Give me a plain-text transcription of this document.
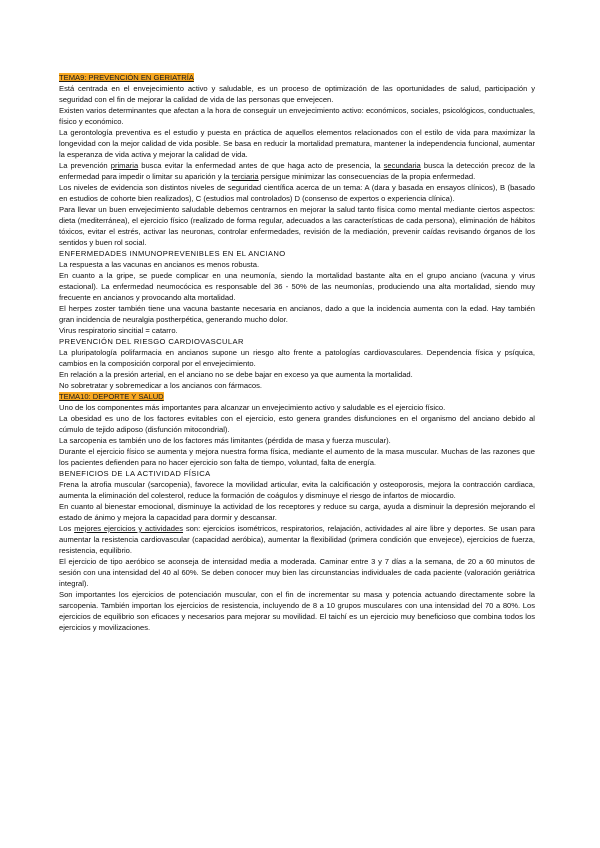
TEMA9: PREVENCIÓN EN GERIATRÍA

Está centrada en el envejecimiento activo y saludable, es un proceso de optimización de las oportunidades de salud, participación y seguridad con el fin de mejorar la calidad de vida de las personas que envejecen.

Existen varios determinantes que afectan a la hora de conseguir un envejecimiento activo: económicos, sociales, psicológicos, conductuales, físico y económico.

La gerontología preventiva es el estudio y puesta en práctica de aquellos elementos relacionados con el estilo de vida para maximizar la longevidad con la mejor calidad de vida posible. Se basa en reducir la mortalidad prematura, mantener la independencia funcional, aumentar la esperanza de vida activa y mejorar la calidad de vida.

La prevención primaria busca evitar la enfermedad antes de que haga acto de presencia, la secundaria busca la detección precoz de la enfermedad para impedir o limitar su aparición y la terciaria persigue minimizar las consecuencias de la propia enfermedad.

Los niveles de evidencia son distintos niveles de seguridad científica acerca de un tema: A (dara y basada en ensayos clínicos), B (basado en estudios de cohorte bien realizados), C (estudios mal controlados) D (consenso de expertos o experiencia clínica).

Para llevar un buen envejecimiento saludable debemos centrarnos en mejorar la salud tanto física como mental mediante ciertos aspectos: dieta (mediterránea), el ejercicio físico (realizado de forma regular, adecuados a las características de cada persona), eliminación de hábitos tóxicos, evitar el estrés, activar las neuronas, controlar enfermedades, revisión de la mediación, prevenir caídas revisando órganos de los sentidos y buen rol social.

ENFERMEDADES INMUNOPREVENIBLES EN EL ANCIANO

La respuesta a las vacunas en ancianos es menos robusta.

En cuanto a la gripe, se puede complicar en una neumonía, siendo la mortalidad bastante alta en el grupo anciano (vacuna y virus estacional). La enfermedad neumocócica es responsable del 36 - 50% de las neumonías, produciendo una alta mortalidad, siendo muy frecuente en ancianos y provocando alta mortalidad.

El herpes zoster también tiene una vacuna bastante necesaria en ancianos, dado a que la incidencia aumenta con la edad. Hay también gran incidencia de neuralgia postherpética, generando mucho dolor.

Virus respiratorio sincitial = catarro.

PREVENCIÓN DEL RIESGO CARDIOVASCULAR

La pluripatología polifarmacia en ancianos supone un riesgo alto frente a patologías cardiovasculares. Dependencia física y psíquica, cambios en la composición corporal por el envejecimiento.

En relación a la presión arterial, en el anciano no se debe bajar en exceso ya que aumenta la mortalidad.

No sobretratar y sobremedicar a los ancianos con fármacos.

TEMA10: DEPORTE Y SALUD

Uno de los componentes más importantes para alcanzar un envejecimiento activo y saludable es el ejercicio físico.

La obesidad es uno de los factores evitables con el ejercicio, esto genera grandes disfunciones en el organismo del anciano debido al cúmulo de tejido adiposo (disfunción mitocondrial).

La sarcopenia es también uno de los factores más limitantes (pérdida de masa y fuerza muscular).

Durante el ejercicio físico se aumenta y mejora nuestra forma física, mediante el aumento de la masa muscular. Muchas de las razones que los pacientes defienden para no hacer ejercicio son falta de tiempo, voluntad, falta de energía.

BENEFICIOS DE LA ACTIVIDAD FÍSICA

Frena la atrofia muscular (sarcopenia), favorece la movilidad articular, evita la calcificación y osteoporosis, mejora la contracción cardiaca, aumenta la eliminación del colesterol, reduce la formación de coágulos y disminuye el riesgo de infartos de miocardio.

En cuanto al bienestar emocional, disminuye la actividad de los receptores y reduce su carga, ayuda a disminuir la depresión mejorando el estado de ánimo y mejora la capacidad para dormir y descansar.

Los mejores ejercicios y actividades son: ejercicios isométricos, respiratorios, relajación, actividades al aire libre y deportes. Se usan para aumentar la resistencia cardiovascular (capacidad aeróbica), aumentar la flexibilidad (primera condición que envejece), ejercicios de fuerza, resistencia, equilibrio.

El ejercicio de tipo aeróbico se aconseja de intensidad media a moderada. Caminar entre 3 y 7 días a la semana, de 20 a 60 minutos de sesión con una intensidad del 40 al 60%. Se deben conocer muy bien las circunstancias individuales de cada paciente (valoración geriátrica integral).

Son importantes los ejercicios de potenciación muscular, con el fin de incrementar su masa y potencia actuando directamente sobre la sarcopenia. También importan los ejercicios de resistencia, incluyendo de 8 a 10 grupos musculares con una intensidad del 70 a 80%. Los ejercicios de equilibrio son eficaces y necesarios para mejorar su movilidad. El taichí es un ejercicio muy beneficioso que combina todos los ejercicios y movilizaciones.
